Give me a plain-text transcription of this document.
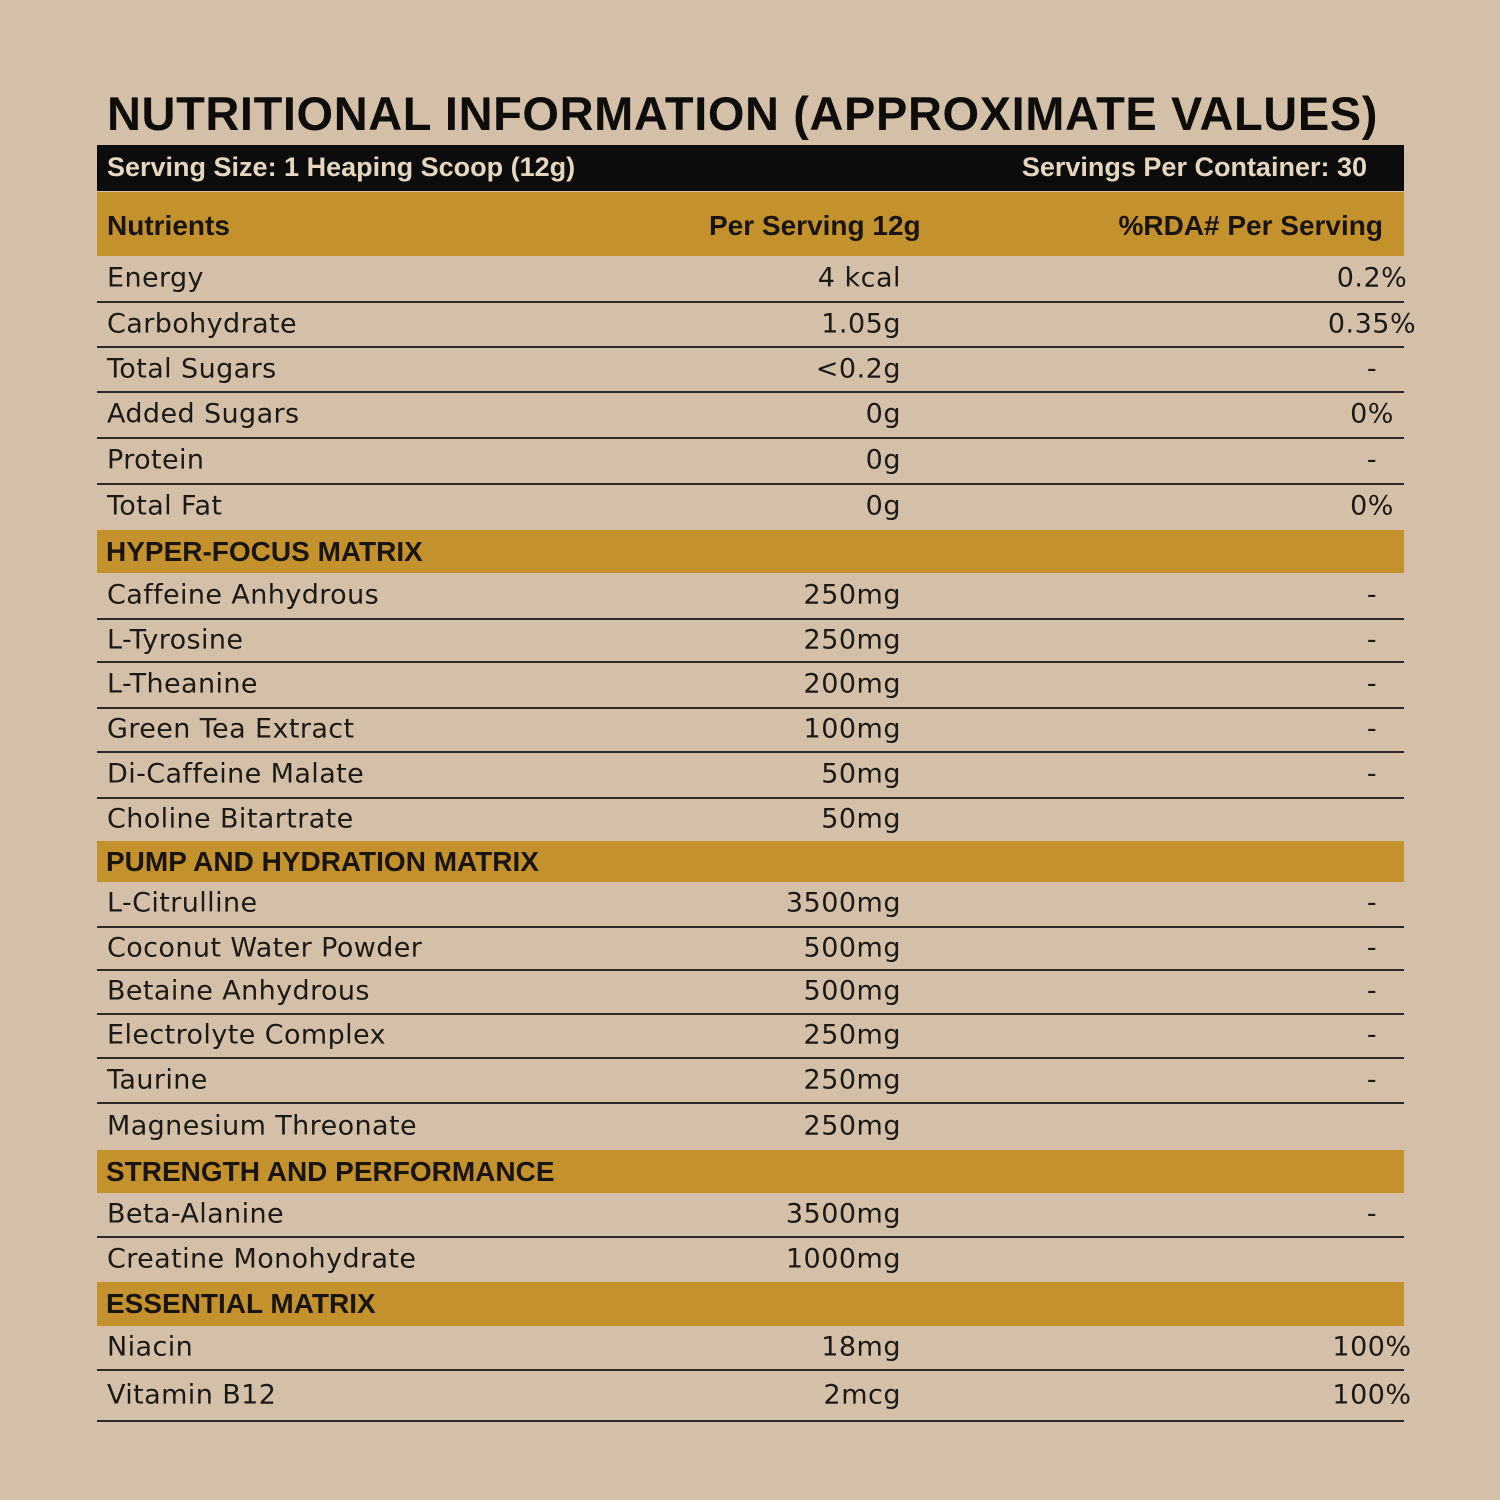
NUTRITIONAL INFORMATION (APPROXIMATE VALUES)
Serving Size: 1 Heaping Scoop (12g)	Servings Per Container: 30
Nutrients	Per Serving 12g	%RDA# Per Serving
Energy	4 kcal	0.2%
Carbohydrate	1.05g	0.35%
Total Sugars	<0.2g	-
Added Sugars	0g	0%
Protein	0g	-
Total Fat	0g	0%
HYPER-FOCUS MATRIX
Caffeine Anhydrous	250mg	-
L-Tyrosine	250mg	-
L-Theanine	200mg	-
Green Tea Extract	100mg	-
Di-Caffeine Malate	50mg	-
Choline Bitartrate	50mg
PUMP AND HYDRATION MATRIX
L-Citrulline	3500mg	-
Coconut Water Powder	500mg	-
Betaine Anhydrous	500mg	-
Electrolyte Complex	250mg	-
Taurine	250mg	-
Magnesium Threonate	250mg
STRENGTH AND PERFORMANCE
Beta-Alanine	3500mg	-
Creatine Monohydrate	1000mg
ESSENTIAL MATRIX
Niacin	18mg	100%
Vitamin B12	2mcg	100%
